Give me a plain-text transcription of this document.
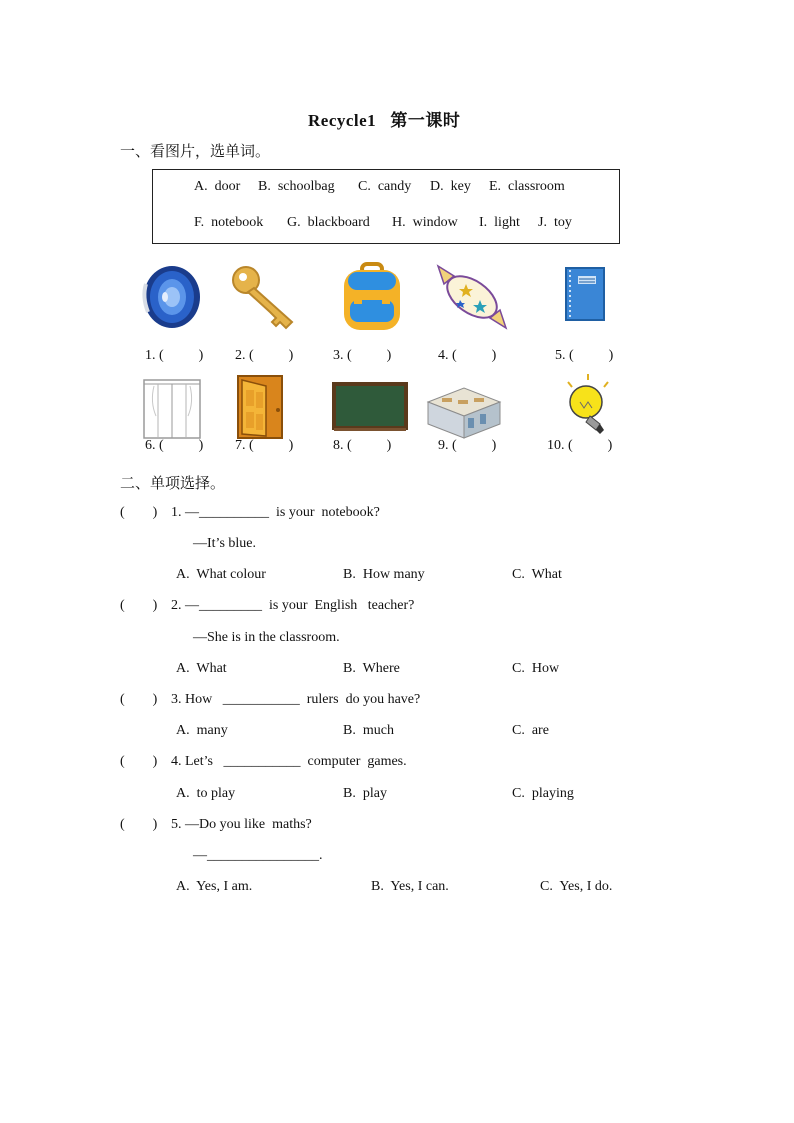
Recycle1   第一课时
一、看图片，选单词。
A.  door B.  schoolbag C.  candy D.  key E.  classroom
F.  notebook G.  blackboard H.  window I.  light J.  toy
1. (          ) 2. (          )	3. (          )	4. (          )	5. (          )
6. (          ) 7. (          )	8. (          )	9. (          )	10. (          )
二、单项选择。
(        ) 1. —__________  is your  notebook?
—It’s blue.
A.  What colour	B.  How many	C.  What
(        ) 2. —_________  is your  English   teacher?
—She is in the classroom.
A.  What	B.  Where	C.  How
(        ) 3. How   ___________  rulers  do you have?
A.  many	B.  much	C.  are
(        ) 4. Let’s   ___________  computer  games.
A.  to play	B.  play	C.  playing
(        ) 5. —Do you like  maths?
—________________.
A.  Yes, I am.	B.  Yes, I can.	C.  Yes, I do.
